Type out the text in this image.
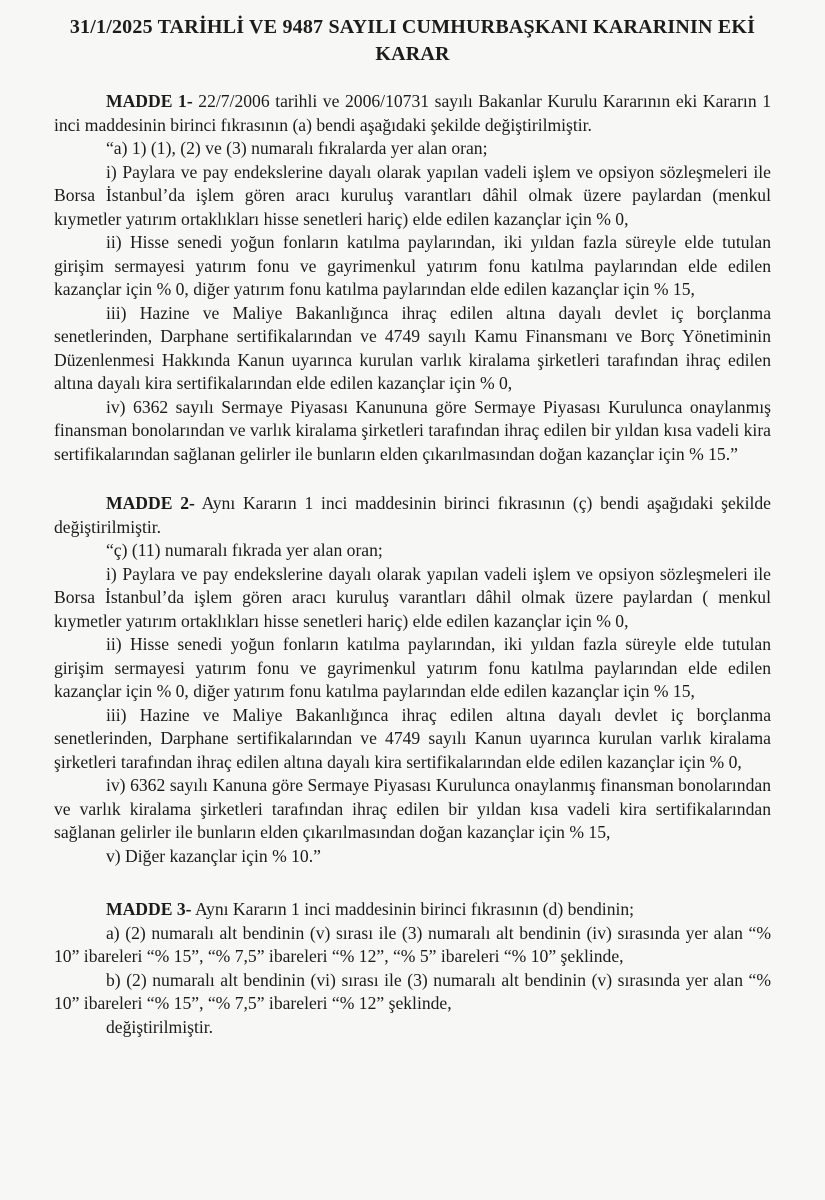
31/1/2025 TARİHLİ VE 9487 SAYILI CUMHURBAŞKANI KARARININ EKİ KARAR

MADDE 1- 22/7/2006 tarihli ve 2006/10731 sayılı Bakanlar Kurulu Kararının eki Kararın 1 inci maddesinin birinci fıkrasının (a) bendi aşağıdaki şekilde değiştirilmiştir.

“a) 1) (1), (2) ve (3) numaralı fıkralarda yer alan oran;

i) Paylara ve pay endekslerine dayalı olarak yapılan vadeli işlem ve opsiyon sözleşmeleri ile Borsa İstanbul’da işlem gören aracı kuruluş varantları dâhil olmak üzere paylardan (menkul kıymetler yatırım ortaklıkları hisse senetleri hariç) elde edilen kazançlar için % 0,

ii) Hisse senedi yoğun fonların katılma paylarından, iki yıldan fazla süreyle elde tutulan girişim sermayesi yatırım fonu ve gayrimenkul yatırım fonu katılma paylarından elde edilen kazançlar için % 0, diğer yatırım fonu katılma paylarından elde edilen kazançlar için % 15,

iii) Hazine ve Maliye Bakanlığınca ihraç edilen altına dayalı devlet iç borçlanma senetlerinden, Darphane sertifikalarından ve 4749 sayılı Kamu Finansmanı ve Borç Yönetiminin Düzenlenmesi Hakkında Kanun uyarınca kurulan varlık kiralama şirketleri tarafından ihraç edilen altına dayalı kira sertifikalarından elde edilen kazançlar için % 0,

iv) 6362 sayılı Sermaye Piyasası Kanununa göre Sermaye Piyasası Kurulunca onaylanmış finansman bonolarından ve varlık kiralama şirketleri tarafından ihraç edilen bir yıldan kısa vadeli kira sertifikalarından sağlanan gelirler ile bunların elden çıkarılmasından doğan kazançlar için % 15.”

MADDE 2- Aynı Kararın 1 inci maddesinin birinci fıkrasının (ç) bendi aşağıdaki şekilde değiştirilmiştir.

“ç) (11) numaralı fıkrada yer alan oran;

i) Paylara ve pay endekslerine dayalı olarak yapılan vadeli işlem ve opsiyon sözleşmeleri ile Borsa İstanbul’da işlem gören aracı kuruluş varantları dâhil olmak üzere paylardan ( menkul kıymetler yatırım ortaklıkları hisse senetleri hariç) elde edilen kazançlar için % 0,

ii) Hisse senedi yoğun fonların katılma paylarından, iki yıldan fazla süreyle elde tutulan girişim sermayesi yatırım fonu ve gayrimenkul yatırım fonu katılma paylarından elde edilen kazançlar için % 0, diğer yatırım fonu katılma paylarından elde edilen kazançlar için % 15,

iii) Hazine ve Maliye Bakanlığınca ihraç edilen altına dayalı devlet iç borçlanma senetlerinden, Darphane sertifikalarından ve 4749 sayılı Kanun uyarınca kurulan varlık kiralama şirketleri tarafından ihraç edilen altına dayalı kira sertifikalarından elde edilen kazançlar için % 0,

iv) 6362 sayılı Kanuna göre Sermaye Piyasası Kurulunca onaylanmış finansman bonolarından ve varlık kiralama şirketleri tarafından ihraç edilen bir yıldan kısa vadeli kira sertifikalarından sağlanan gelirler ile bunların elden çıkarılmasından doğan kazançlar için % 15,

v) Diğer kazançlar için % 10.”

MADDE 3- Aynı Kararın 1 inci maddesinin birinci fıkrasının (d) bendinin;

a) (2) numaralı alt bendinin (v) sırası ile (3) numaralı alt bendinin (iv) sırasında yer alan “% 10” ibareleri “% 15”, “% 7,5” ibareleri “% 12”, “% 5” ibareleri “% 10” şeklinde,

b) (2) numaralı alt bendinin (vi) sırası ile (3) numaralı alt bendinin (v) sırasında yer alan “% 10” ibareleri “% 15”, “% 7,5” ibareleri “% 12” şeklinde,

değiştirilmiştir.
